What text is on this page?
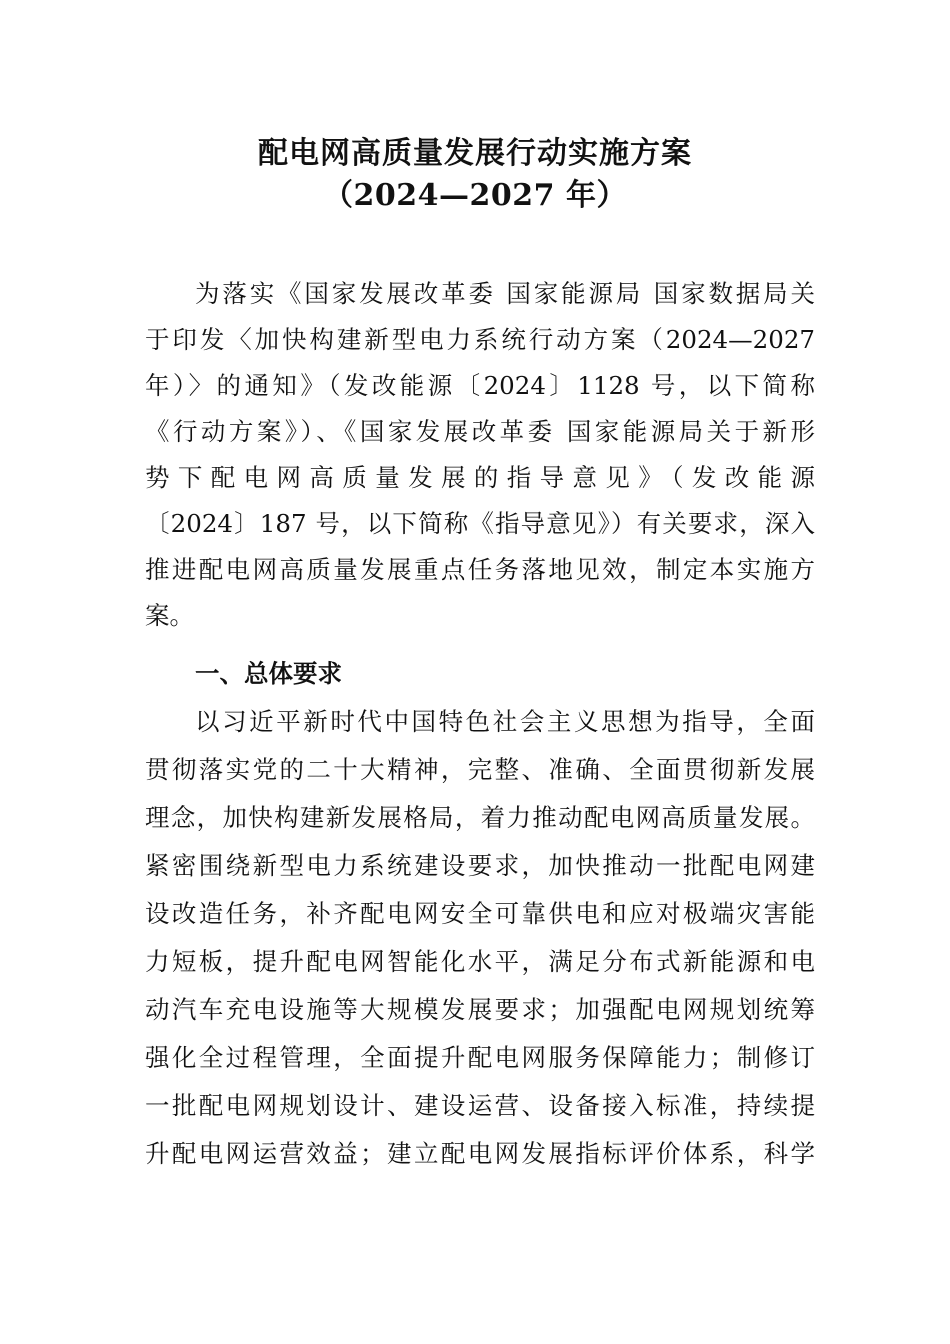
配电网高质量发展行动实施方案
（2024—2027 年）

为落实《国家发展改革委 国家能源局 国家数据局关

于印发〈加快构建新型电力系统行动方案（2024—2027

年）〉的通知》（发改能源〔2024〕1128 号，以下简称

《行动方案》）、《国家发展改革委 国家能源局关于新形

势下配电网高质量发展的指导意见》（发改能源

〔2024〕187 号，以下简称《指导意见》）有关要求，深入

推进配电网高质量发展重点任务落地见效，制定本实施方

案。

一、总体要求

以习近平新时代中国特色社会主义思想为指导，全面

贯彻落实党的二十大精神，完整、准确、全面贯彻新发展

理念，加快构建新发展格局，着力推动配电网高质量发展。

紧密围绕新型电力系统建设要求，加快推动一批配电网建

设改造任务，补齐配电网安全可靠供电和应对极端灾害能

力短板，提升配电网智能化水平，满足分布式新能源和电

动汽车充电设施等大规模发展要求；加强配电网规划统筹

强化全过程管理，全面提升配电网服务保障能力；制修订

一批配电网规划设计、建设运营、设备接入标准，持续提

升配电网运营效益；建立配电网发展指标评价体系，科学
